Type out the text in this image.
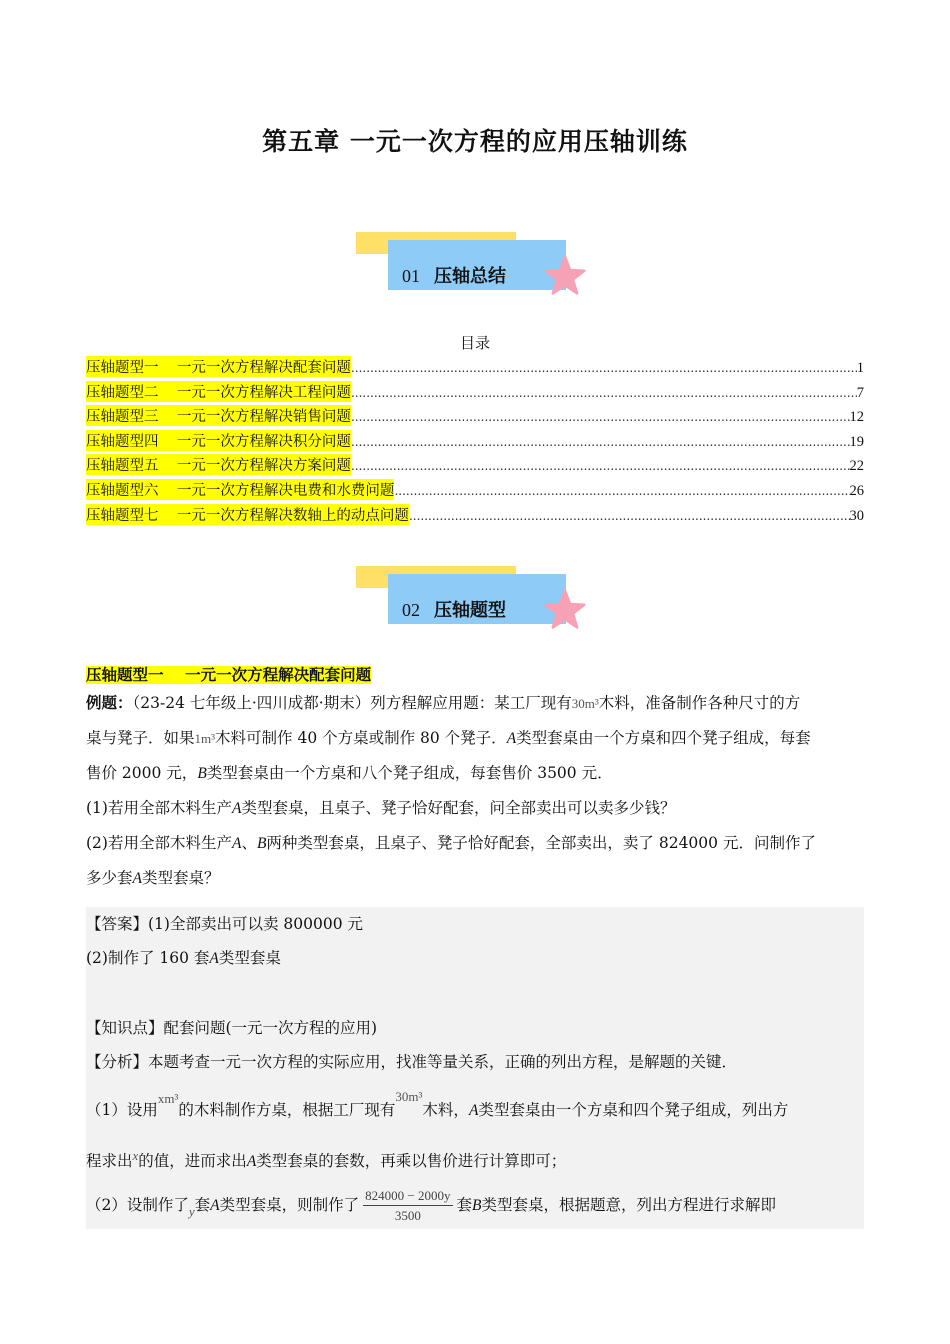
第五章 一元一次方程的应用压轴训练
01 压轴总结
目录
压轴题型一    一元一次方程解决配套问题 .....	1
压轴题型二    一元一次方程解决工程问题 .....	7
压轴题型三    一元一次方程解决销售问题 .....	12
压轴题型四    一元一次方程解决积分问题 .....	19
压轴题型五    一元一次方程解决方案问题 .....	22
压轴题型六    一元一次方程解决电费和水费问题 .....	26
压轴题型七    一元一次方程解决数轴上的动点问题 .....	30
02 压轴题型
压轴题型一    一元一次方程解决配套问题
例题：（23-24 七年级上·四川成都·期末）列方程解应用题：某工厂现有30m³木料，准备制作各种尺寸的方
桌与凳子．如果1m³木料可制作 40 个方桌或制作 80 个凳子．A类型套桌由一个方桌和四个凳子组成，每套
售价 2000 元，B类型套桌由一个方桌和八个凳子组成，每套售价 3500 元．
(1)若用全部木料生产A类型套桌，且桌子、凳子恰好配套，问全部卖出可以卖多少钱？
(2)若用全部木料生产A、B两种类型套桌，且桌子、凳子恰好配套，全部卖出，卖了 824000 元．问制作了
多少套A类型套桌？
【答案】(1)全部卖出可以卖 800000 元
(2)制作了 160 套A类型套桌
【知识点】配套问题(一元一次方程的应用)
【分析】本题考查一元一次方程的实际应用，找准等量关系，正确的列出方程，是解题的关键．
（1）设用$^{xm^3}$的木料制作方桌，根据工厂现有$^{30m^3}$木料，A类型套桌由一个方桌和四个凳子组成，列出方
程求出$^x$的值，进而求出A类型套桌的套数，再乘以售价进行计算即可；
（2）设制作了$_y$套A类型套桌，则制作了 $\frac{824000 - 2000y}{3500}$ 套B类型套桌，根据题意，列出方程进行求解即
